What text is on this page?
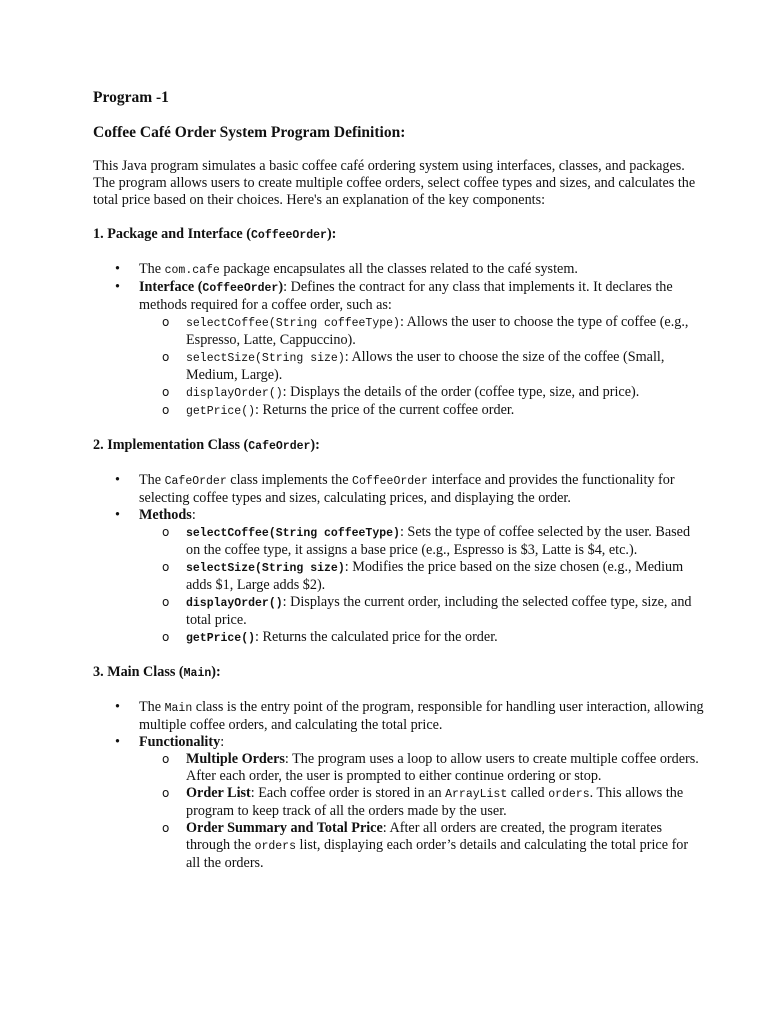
Program -1

Coffee Café Order System Program Definition:

This Java program simulates a basic coffee café ordering system using interfaces, classes, and packages. The program allows users to create multiple coffee orders, select coffee types and sizes, and calculates the total price based on their choices. Here's an explanation of the key components:

1. Package and Interface (CoffeeOrder):

• The com.cafe package encapsulates all the classes related to the café system.
• Interface (CoffeeOrder): Defines the contract for any class that implements it. It declares the methods required for a coffee order, such as:
o selectCoffee(String coffeeType): Allows the user to choose the type of coffee (e.g., Espresso, Latte, Cappuccino).
o selectSize(String size): Allows the user to choose the size of the coffee (Small, Medium, Large).
o displayOrder(): Displays the details of the order (coffee type, size, and price).
o getPrice(): Returns the price of the current coffee order.

2. Implementation Class (CafeOrder):

• The CafeOrder class implements the CoffeeOrder interface and provides the functionality for selecting coffee types and sizes, calculating prices, and displaying the order.
• Methods:
o selectCoffee(String coffeeType): Sets the type of coffee selected by the user. Based on the coffee type, it assigns a base price (e.g., Espresso is $3, Latte is $4, etc.).
o selectSize(String size): Modifies the price based on the size chosen (e.g., Medium adds $1, Large adds $2).
o displayOrder(): Displays the current order, including the selected coffee type, size, and total price.
o getPrice(): Returns the calculated price for the order.

3. Main Class (Main):

• The Main class is the entry point of the program, responsible for handling user interaction, allowing multiple coffee orders, and calculating the total price.
• Functionality:
o Multiple Orders: The program uses a loop to allow users to create multiple coffee orders. After each order, the user is prompted to either continue ordering or stop.
o Order List: Each coffee order is stored in an ArrayList called orders. This allows the program to keep track of all the orders made by the user.
o Order Summary and Total Price: After all orders are created, the program iterates through the orders list, displaying each order’s details and calculating the total price for all the orders.
